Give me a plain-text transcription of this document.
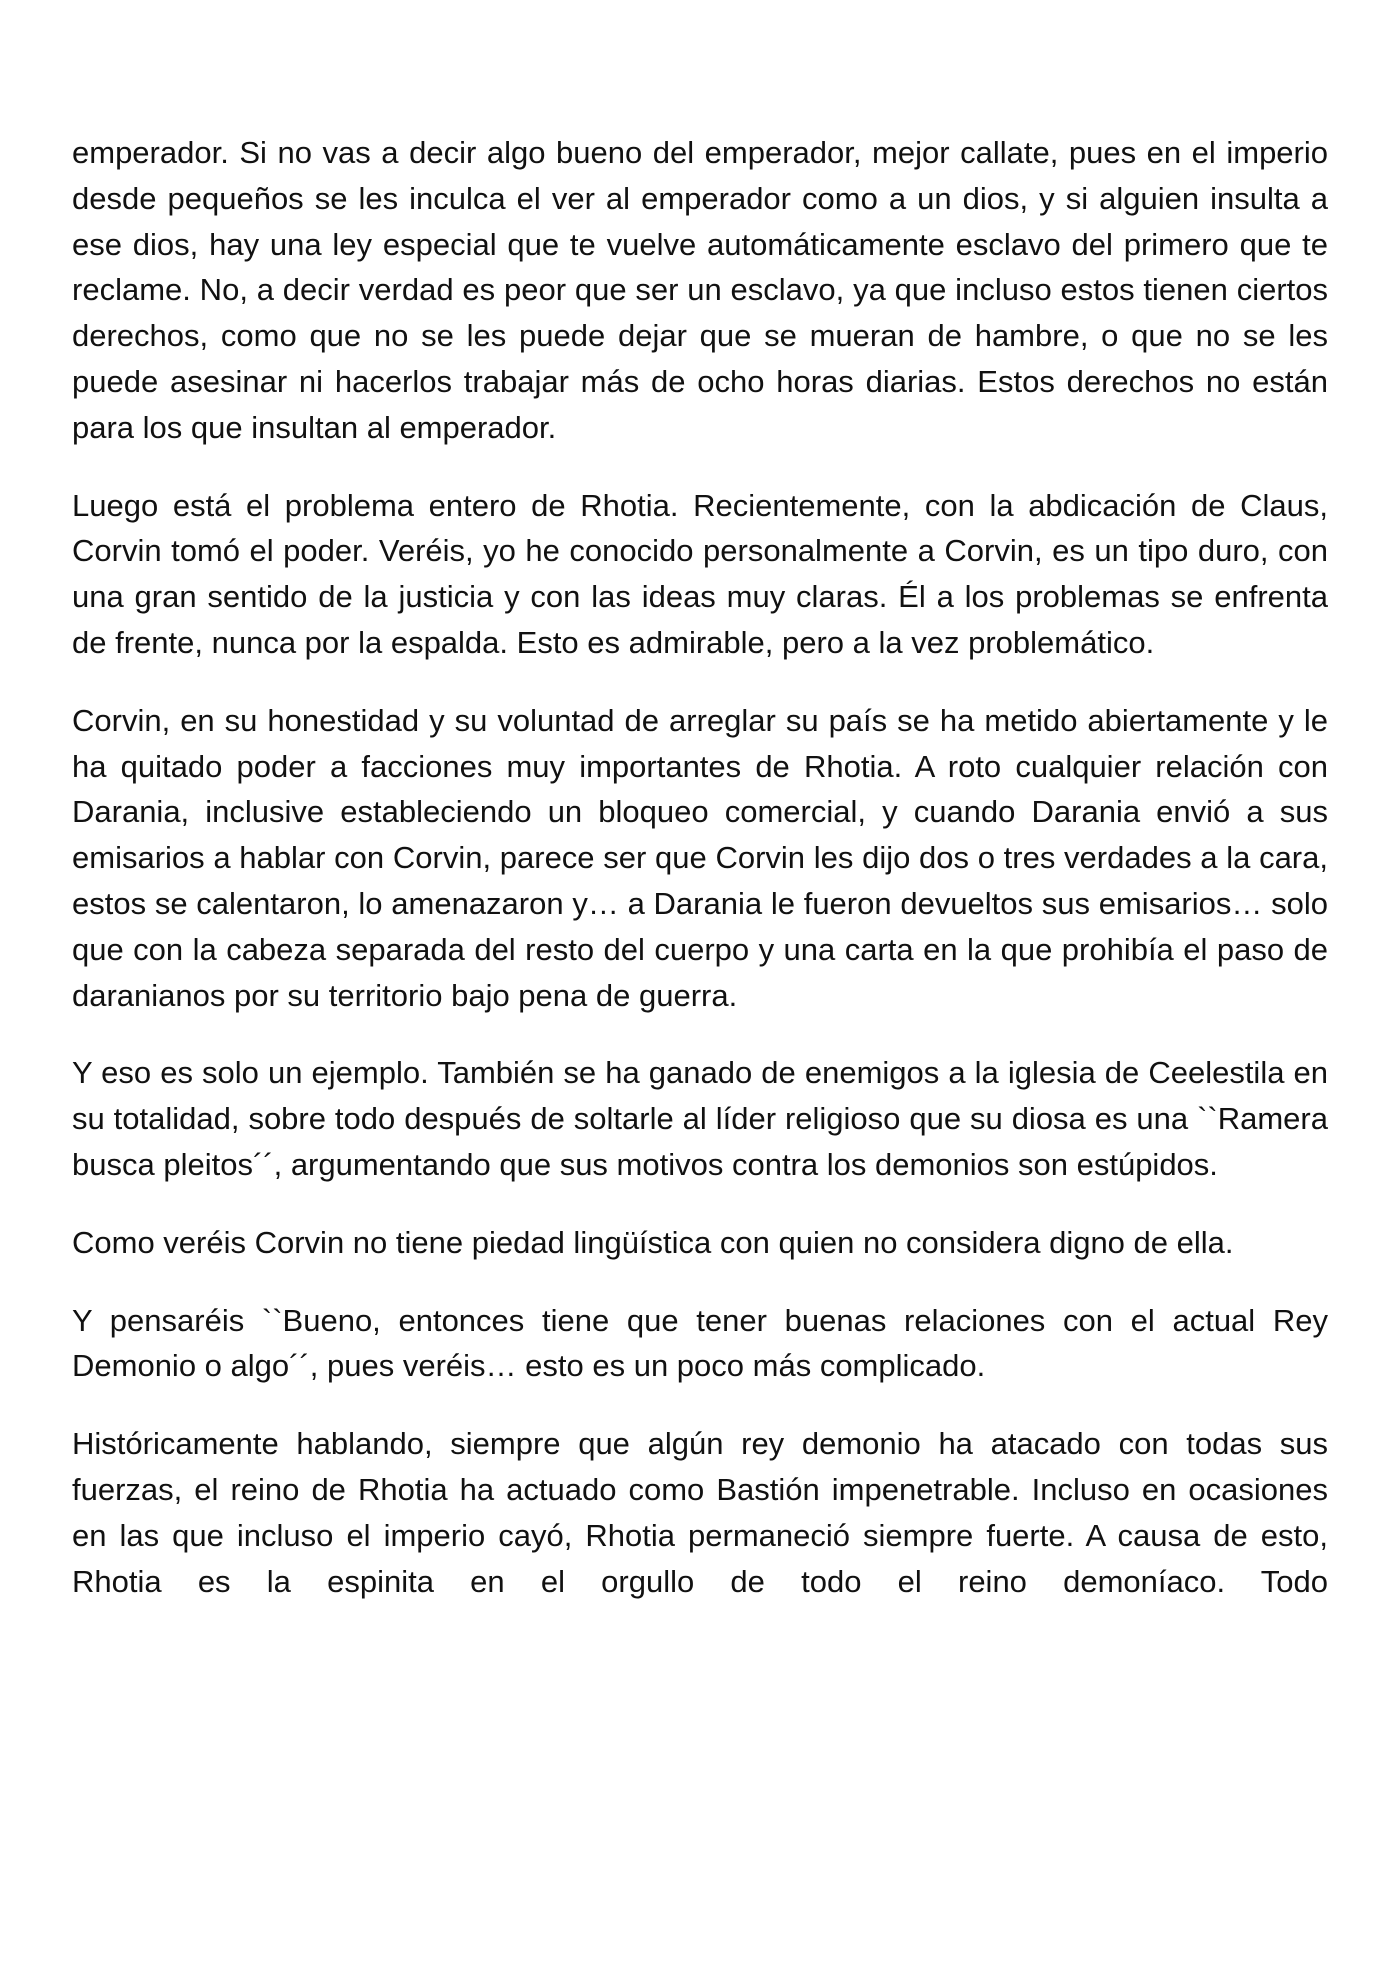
emperador. Si no vas a decir algo bueno del emperador, mejor callate, pues en el imperio desde pequeños se les inculca el ver al emperador como a un dios, y si alguien insulta a ese dios, hay una ley especial que te vuelve automáticamente esclavo del primero que te reclame. No, a decir verdad es peor que ser un esclavo, ya que incluso estos tienen ciertos derechos, como que no se les puede dejar que se mueran de hambre, o que no se les puede asesinar ni hacerlos trabajar más de ocho horas diarias. Estos derechos no están para los que insultan al emperador.

Luego está el problema entero de Rhotia. Recientemente, con la abdicación de Claus, Corvin tomó el poder. Veréis, yo he conocido personalmente a Corvin, es un tipo duro, con una gran sentido de la justicia y con las ideas muy claras. Él a los problemas se enfrenta de frente, nunca por la espalda. Esto es admirable, pero a la vez problemático.

Corvin, en su honestidad y su voluntad de arreglar su país se ha metido abiertamente y le ha quitado poder a facciones muy importantes de Rhotia. A roto cualquier relación con Darania, inclusive estableciendo un bloqueo comercial, y cuando Darania envió a sus emisarios a hablar con Corvin, parece ser que Corvin les dijo dos o tres verdades a la cara, estos se calentaron, lo amenazaron y… a Darania le fueron devueltos sus emisarios… solo que con la cabeza separada del resto del cuerpo y una carta en la que prohibía el paso de daranianos por su territorio bajo pena de guerra.

Y eso es solo un ejemplo. También se ha ganado de enemigos a la iglesia de Ceelestila en su totalidad, sobre todo después de soltarle al líder religioso que su diosa es una ``Ramera busca pleitos´´, argumentando que sus motivos contra los demonios son estúpidos.

Como veréis Corvin no tiene piedad lingüística con quien no considera digno de ella.

Y pensaréis ``Bueno, entonces tiene que tener buenas relaciones con el actual Rey Demonio o algo´´, pues veréis… esto es un poco más complicado.

Históricamente hablando, siempre que algún rey demonio ha atacado con todas sus fuerzas, el reino de Rhotia ha actuado como Bastión impenetrable. Incluso en ocasiones en las que incluso el imperio cayó, Rhotia permaneció siempre fuerte. A causa de esto, Rhotia es la espinita en el orgullo de todo el reino demoníaco. Todo
